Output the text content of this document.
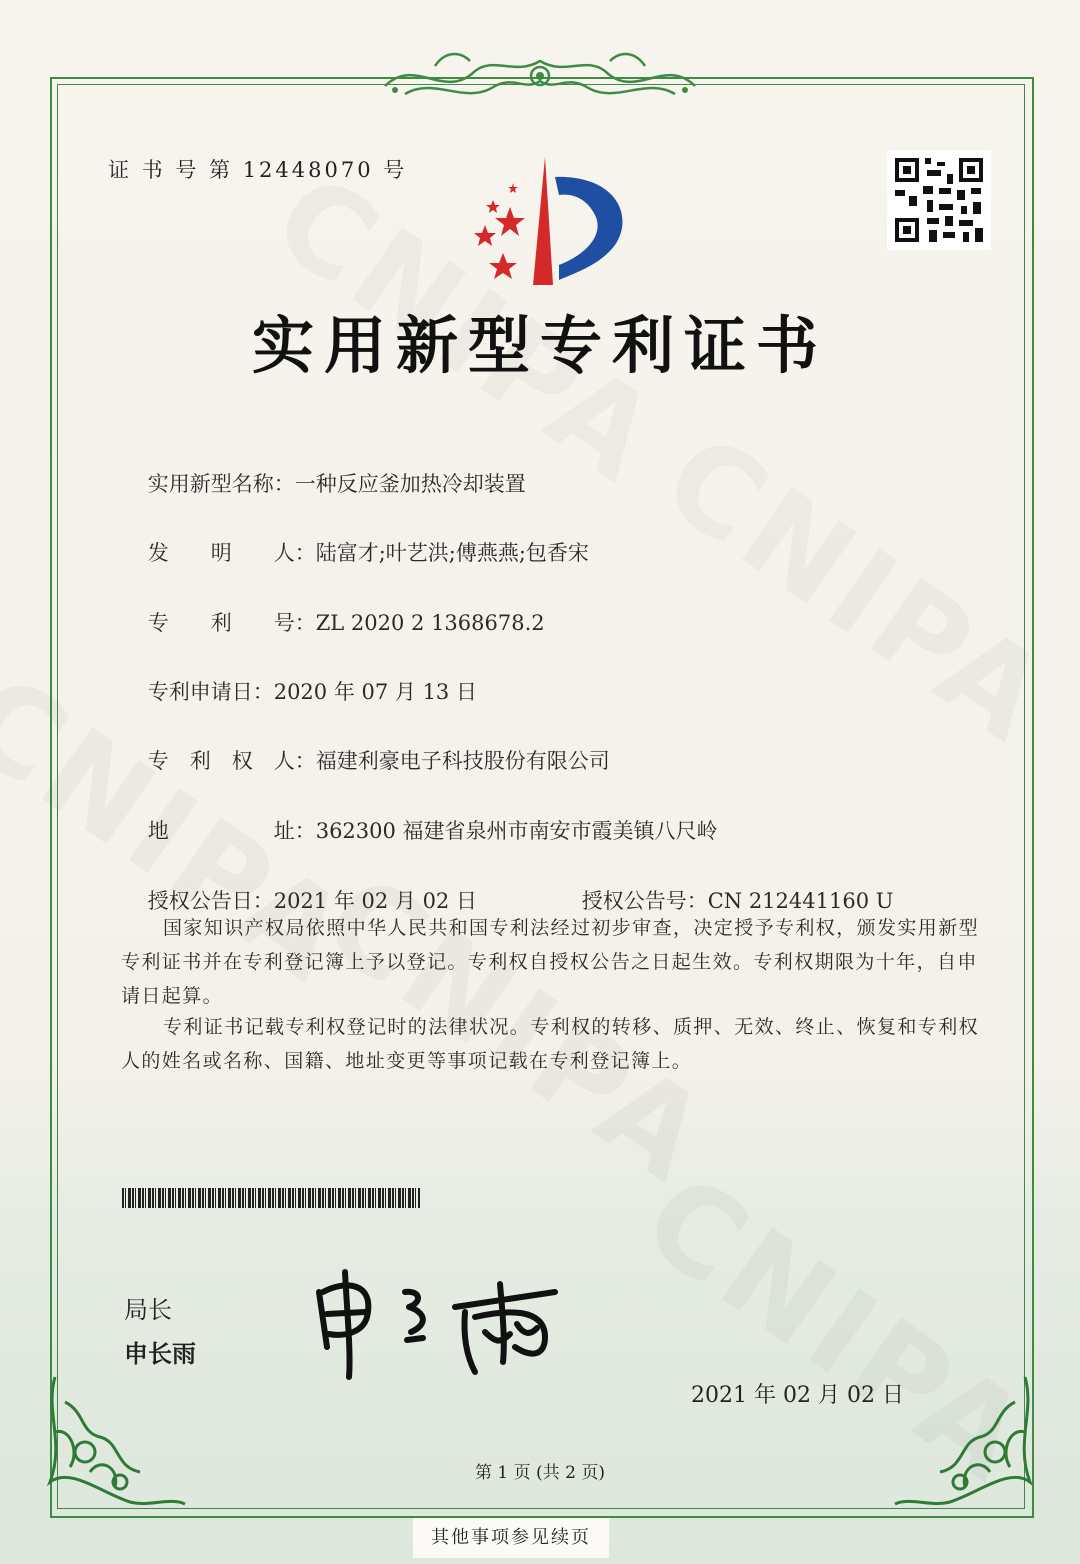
证 书 号 第 12448070 号
实用新型专利证书

实用新型名称：一种反应釜加热冷却装置

发　　明　　人：陆富才;叶艺洪;傅燕燕;包香宋

专　　利　　号：ZL 2020 2 1368678.2

专利申请日：2020 年 07 月 13 日

专　利　权　人：福建利豪电子科技股份有限公司

地　　　　　址：362300 福建省泉州市南安市霞美镇八尺岭

授权公告日：2021 年 02 月 02 日
	授权公告号：CN 212441160 U

国家知识产权局依照中华人民共和国专利法经过初步审查，决定授予专利权，颁发实用新型专利证书并在专利登记簿上予以登记。专利权自授权公告之日起生效。专利权期限为十年，自申请日起算。
专利证书记载专利权登记时的法律状况。专利权的转移、质押、无效、终止、恢复和专利权人的姓名或名称、国籍、地址变更等事项记载在专利登记簿上。
局长
申长雨
2021 年 02 月 02 日
第 1 页 (共 2 页)
其他事项参见续页
